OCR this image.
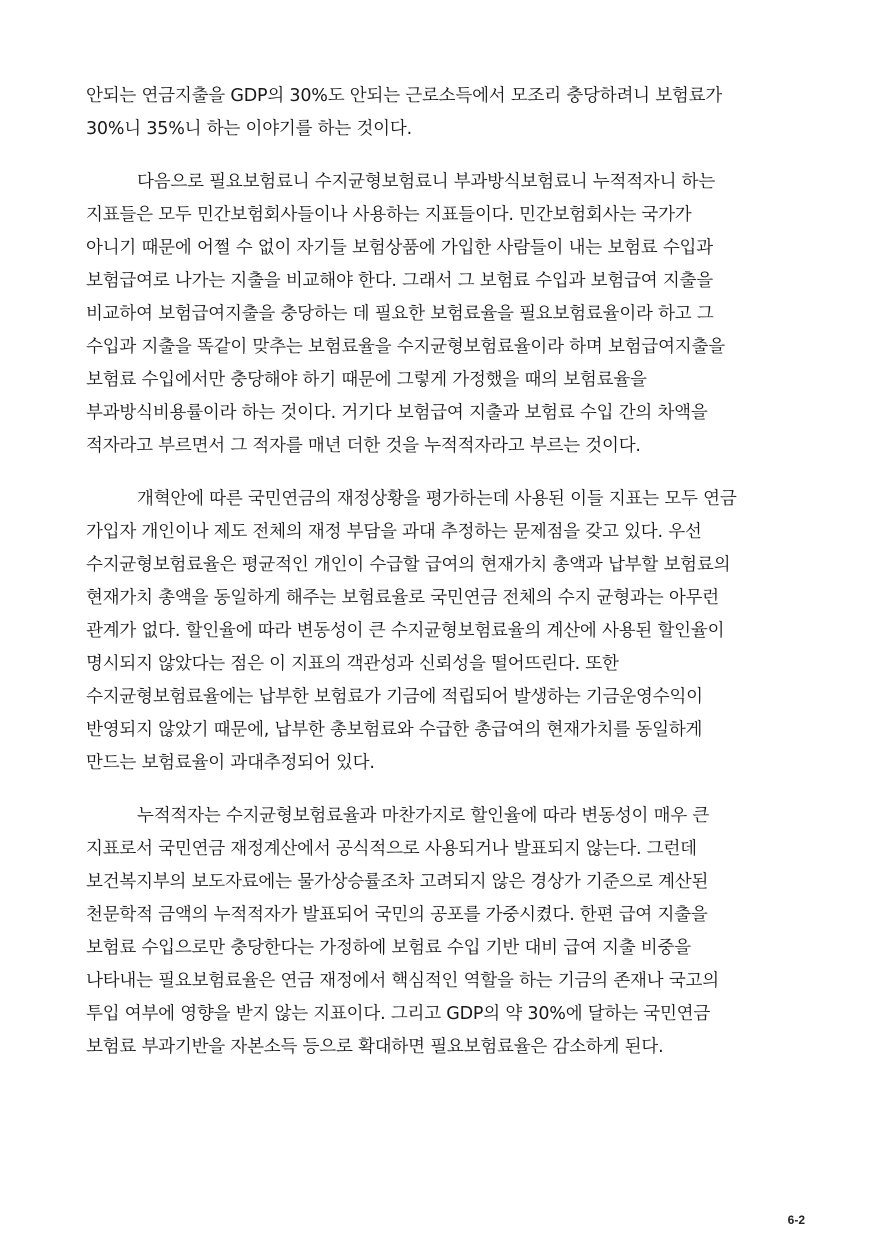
안되는 연금지출을 GDP의 30%도 안되는 근로소득에서 모조리 충당하려니 보험료가
30%니 35%니 하는 이야기를 하는 것이다.
다음으로 필요보험료니 수지균형보험료니 부과방식보험료니 누적적자니 하는
지표들은 모두 민간보험회사들이나 사용하는 지표들이다. 민간보험회사는 국가가
아니기 때문에 어쩔 수 없이 자기들 보험상품에 가입한 사람들이 내는 보험료 수입과
보험급여로 나가는 지출을 비교해야 한다. 그래서 그 보험료 수입과 보험급여 지출을
비교하여 보험급여지출을 충당하는 데 필요한 보험료율을 필요보험료율이라 하고 그
수입과 지출을 똑같이 맞추는 보험료율을 수지균형보험료율이라 하며 보험급여지출을
보험료 수입에서만 충당해야 하기 때문에 그렇게 가정했을 때의 보험료율을
부과방식비용률이라 하는 것이다. 거기다 보험급여 지출과 보험료 수입 간의 차액을
적자라고 부르면서 그 적자를 매년 더한 것을 누적적자라고 부르는 것이다.
개혁안에 따른 국민연금의 재정상황을 평가하는데 사용된 이들 지표는 모두 연금
가입자 개인이나 제도 전체의 재정 부담을 과대 추정하는 문제점을 갖고 있다. 우선
수지균형보험료율은 평균적인 개인이 수급할 급여의 현재가치 총액과 납부할 보험료의
현재가치 총액을 동일하게 해주는 보험료율로 국민연금 전체의 수지 균형과는 아무런
관계가 없다. 할인율에 따라 변동성이 큰 수지균형보험료율의 계산에 사용된 할인율이
명시되지 않았다는 점은 이 지표의 객관성과 신뢰성을 떨어뜨린다. 또한
수지균형보험료율에는 납부한 보험료가 기금에 적립되어 발생하는 기금운영수익이
반영되지 않았기 때문에, 납부한 총보험료와 수급한 총급여의 현재가치를 동일하게
만드는 보험료율이 과대추정되어 있다.
누적적자는 수지균형보험료율과 마찬가지로 할인율에 따라 변동성이 매우 큰
지표로서 국민연금 재정계산에서 공식적으로 사용되거나 발표되지 않는다. 그런데
보건복지부의 보도자료에는 물가상승률조차 고려되지 않은 경상가 기준으로 계산된
천문학적 금액의 누적적자가 발표되어 국민의 공포를 가중시켰다. 한편 급여 지출을
보험료 수입으로만 충당한다는 가정하에 보험료 수입 기반 대비 급여 지출 비중을
나타내는 필요보험료율은 연금 재정에서 핵심적인 역할을 하는 기금의 존재나 국고의
투입 여부에 영향을 받지 않는 지표이다. 그리고 GDP의 약 30%에 달하는 국민연금
보험료 부과기반을 자본소득 등으로 확대하면 필요보험료율은 감소하게 된다.
6-2
